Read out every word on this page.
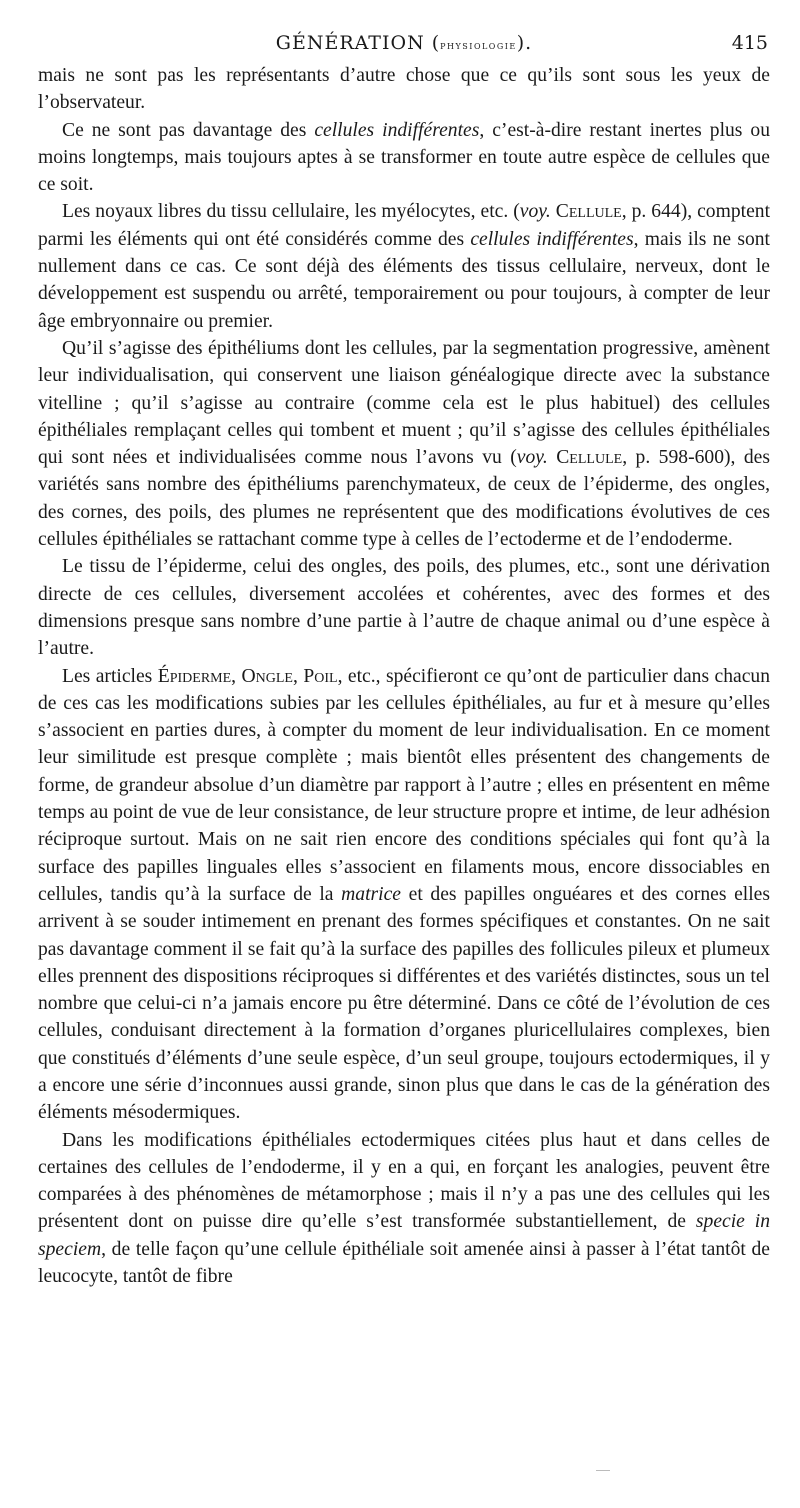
GÉNÉRATION (physiologie).	415

mais ne sont pas les représentants d’autre chose que ce qu’ils sont sous les yeux de l’observateur.

Ce ne sont pas davantage des cellules indifférentes, c’est-à-dire restant inertes plus ou moins longtemps, mais toujours aptes à se transformer en toute autre espèce de cellules que ce soit.

Les noyaux libres du tissu cellulaire, les myélocytes, etc. (voy. Cellule, p. 644), comptent parmi les éléments qui ont été considérés comme des cellules indifférentes, mais ils ne sont nullement dans ce cas. Ce sont déjà des éléments des tissus cellulaire, nerveux, dont le développement est suspendu ou arrêté, temporairement ou pour toujours, à compter de leur âge embryonnaire ou premier.

Qu’il s’agisse des épithéliums dont les cellules, par la segmentation progressive, amènent leur individualisation, qui conservent une liaison généalogique directe avec la substance vitelline ; qu’il s’agisse au contraire (comme cela est le plus habituel) des cellules épithéliales remplaçant celles qui tombent et muent ; qu’il s’agisse des cellules épithéliales qui sont nées et individualisées comme nous l’avons vu (voy. Cellule, p. 598-600), des variétés sans nombre des épithéliums parenchymateux, de ceux de l’épiderme, des ongles, des cornes, des poils, des plumes ne représentent que des modifications évolutives de ces cellules épithéliales se rattachant comme type à celles de l’ectoderme et de l’endoderme.

Le tissu de l’épiderme, celui des ongles, des poils, des plumes, etc., sont une dérivation directe de ces cellules, diversement accolées et cohérentes, avec des formes et des dimensions presque sans nombre d’une partie à l’autre de chaque animal ou d’une espèce à l’autre.

Les articles Épiderme, Ongle, Poil, etc., spécifieront ce qu’ont de particulier dans chacun de ces cas les modifications subies par les cellules épithéliales, au fur et à mesure qu’elles s’associent en parties dures, à compter du moment de leur individualisation. En ce moment leur similitude est presque complète ; mais bientôt elles présentent des changements de forme, de grandeur absolue d’un diamètre par rapport à l’autre ; elles en présentent en même temps au point de vue de leur consistance, de leur structure propre et intime, de leur adhésion réciproque surtout. Mais on ne sait rien encore des conditions spéciales qui font qu’à la surface des papilles linguales elles s’associent en filaments mous, encore dissociables en cellules, tandis qu’à la surface de la matrice et des papilles onguéares et des cornes elles arrivent à se souder intimement en prenant des formes spécifiques et constantes. On ne sait pas davantage comment il se fait qu’à la surface des papilles des follicules pileux et plumeux elles prennent des dispositions réciproques si différentes et des variétés distinctes, sous un tel nombre que celui-ci n’a jamais encore pu être déterminé. Dans ce côté de l’évolution de ces cellules, conduisant directement à la formation d’organes pluricellulaires complexes, bien que constitués d’éléments d’une seule espèce, d’un seul groupe, toujours ectodermiques, il y a encore une série d’inconnues aussi grande, sinon plus que dans le cas de la génération des éléments mésodermiques.

Dans les modifications épithéliales ectodermiques citées plus haut et dans celles de certaines des cellules de l’endoderme, il y en a qui, en forçant les analogies, peuvent être comparées à des phénomènes de métamorphose ; mais il n’y a pas une des cellules qui les présentent dont on puisse dire qu’elle s’est transformée substantiellement, de specie in speciem, de telle façon qu’une cellule épithéliale soit amenée ainsi à passer à l’état tantôt de leucocyte, tantôt de fibre
